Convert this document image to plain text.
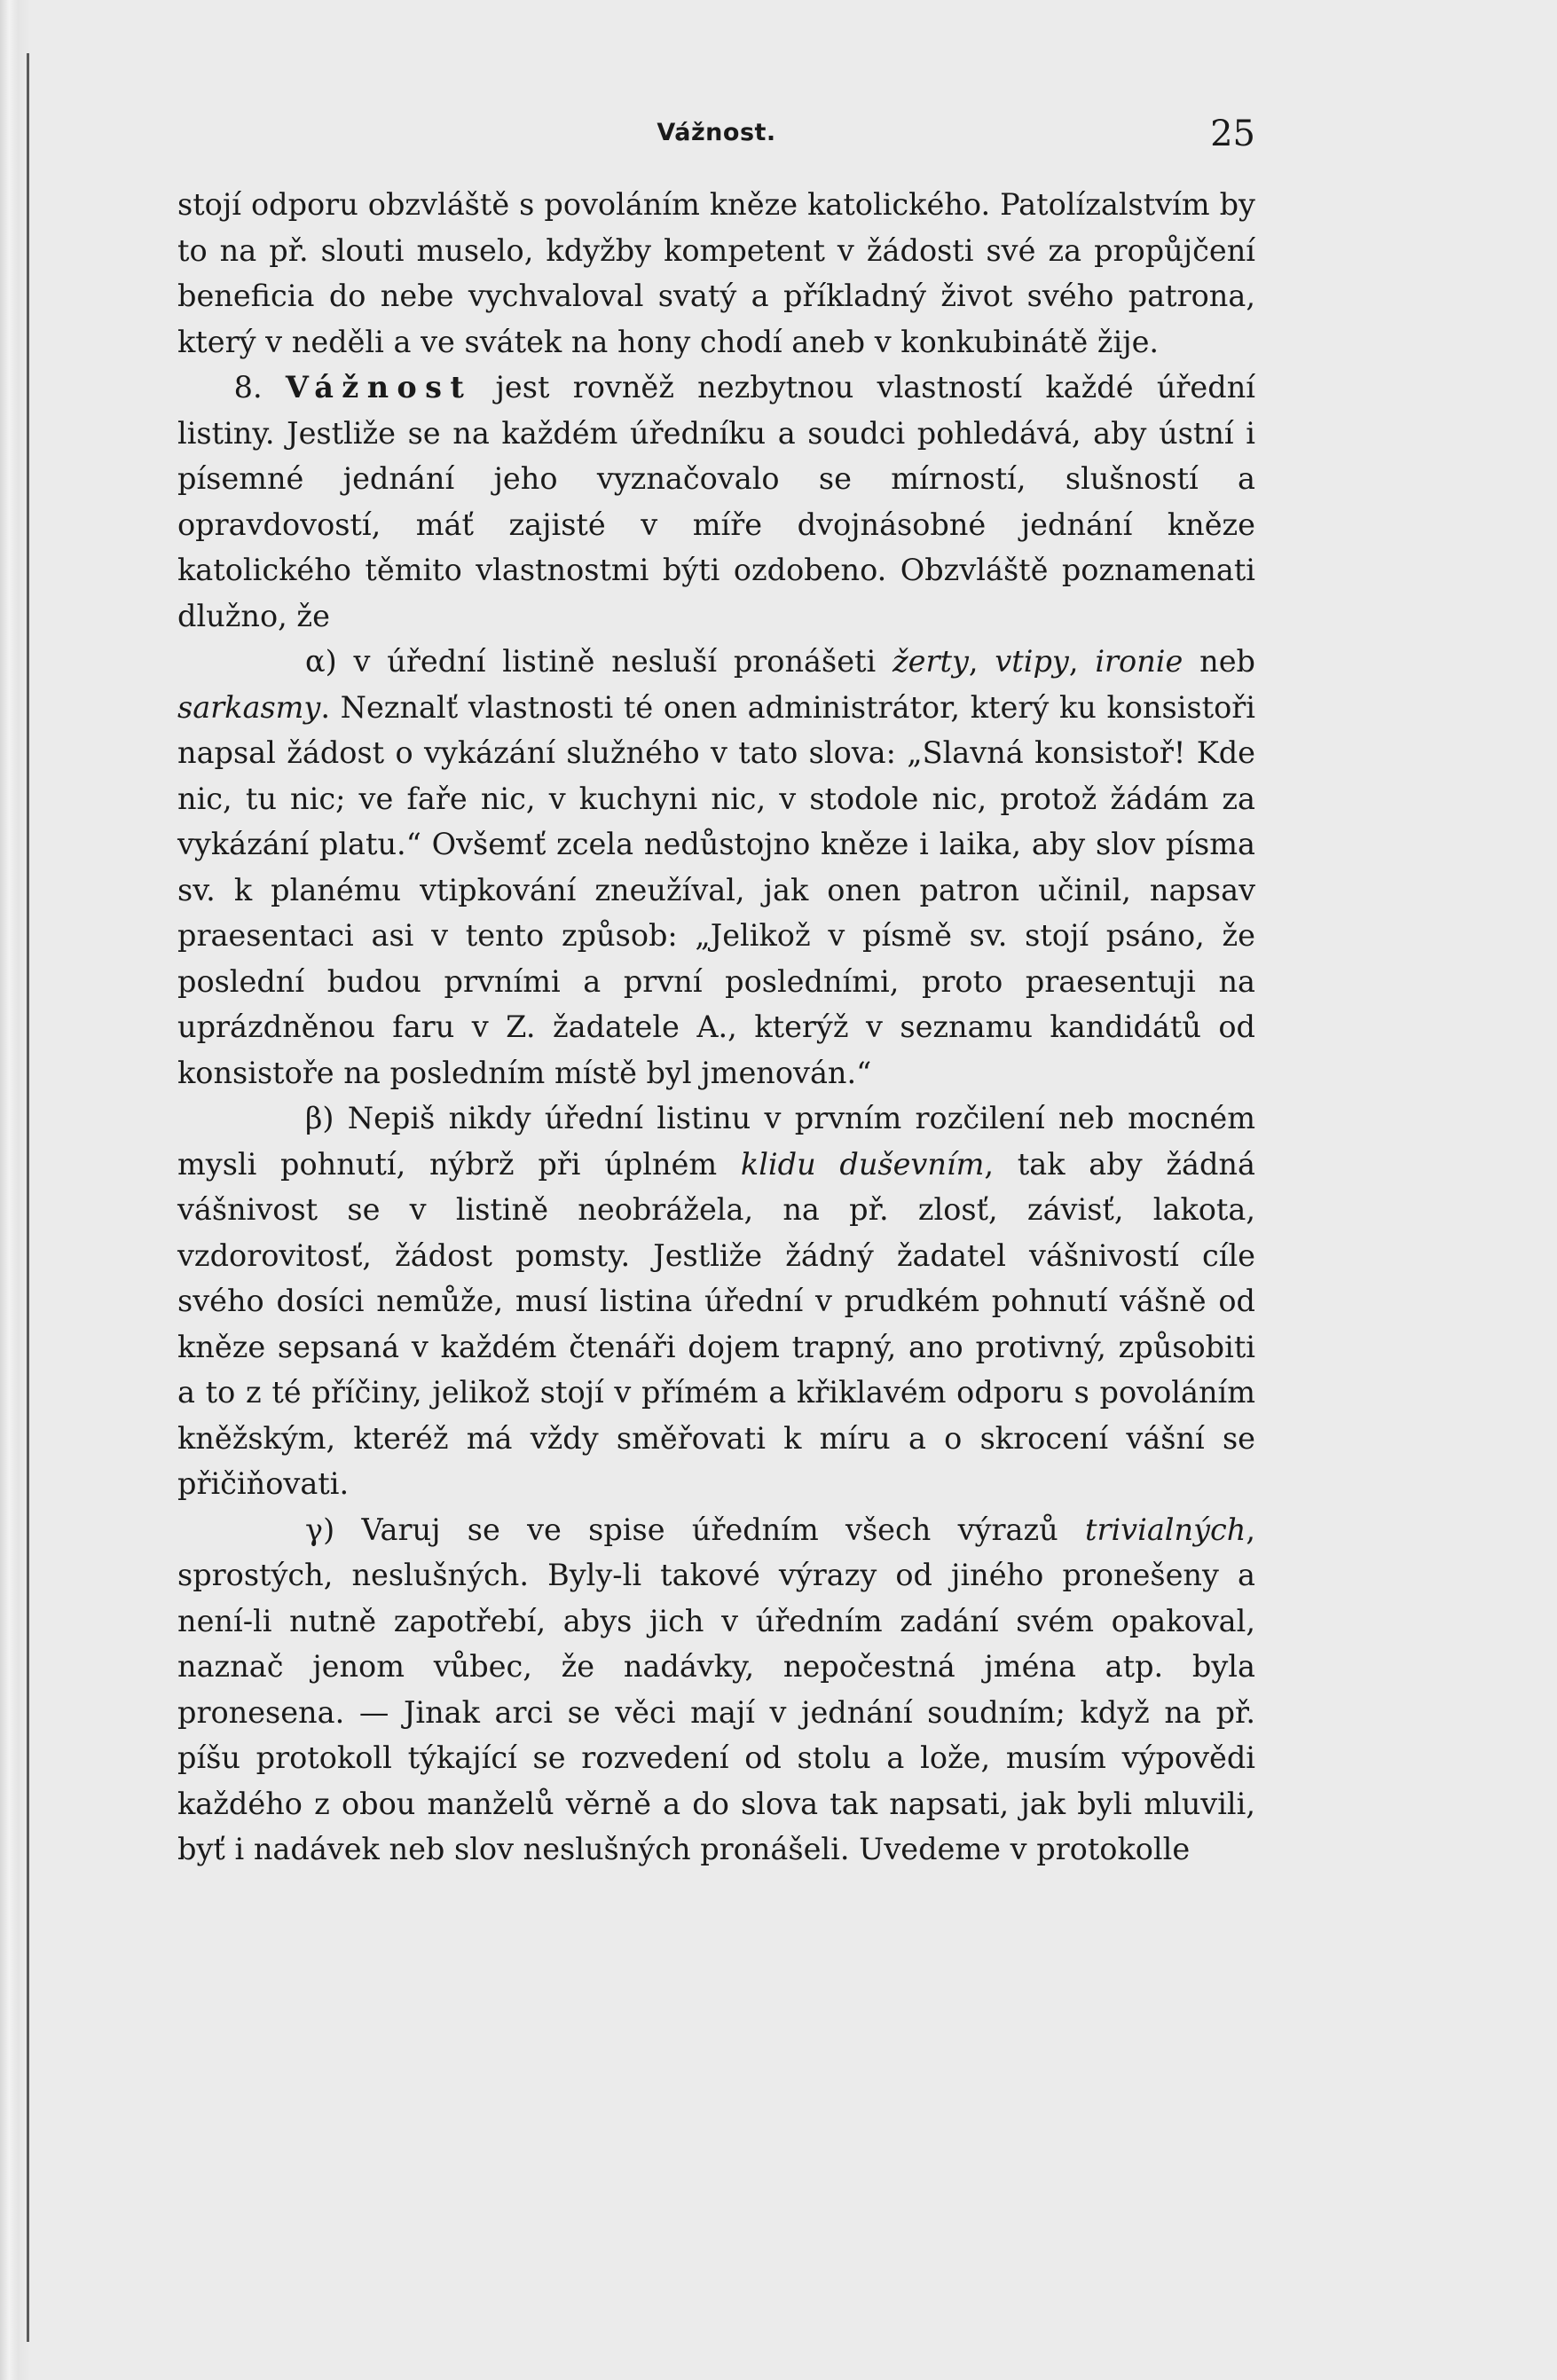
Vážnost.	25

stojí odporu obzvláště s povoláním kněze katolického. Patolízalstvím by to na př. slouti muselo, kdyžby kompetent v žádosti své za propůjčení beneficia do nebe vychvaloval svatý a příkladný život svého patrona, který v neděli a ve svátek na hony chodí aneb v konkubinátě žije.

8. Vážnost jest rovněž nezbytnou vlastností každé úřední listiny. Jestliže se na každém úředníku a soudci pohledává, aby ústní i písemné jednání jeho vyznačovalo se mírností, slušností a opravdovostí, máť zajisté v míře dvojnásobné jednání kněze katolického těmito vlastnostmi býti ozdobeno. Obzvláště poznamenati dlužno, že

α) v úřední listině nesluší pronášeti žerty, vtipy, ironie neb sarkasmy. Neznalť vlastnosti té onen administrátor, který ku konsistoři napsal žádost o vykázání služného v tato slova: „Slavná konsistoř! Kde nic, tu nic; ve faře nic, v kuchyni nic, v stodole nic, protož žádám za vykázání platu.“ Ovšemť zcela nedůstojno kněze i laika, aby slov písma sv. k planému vtipkování zneužíval, jak onen patron učinil, napsav praesentaci asi v tento způsob: „Jelikož v písmě sv. stojí psáno, že poslední budou prvními a první posledními, proto praesentuji na uprázdněnou faru v Z. žadatele A., kterýž v seznamu kandidátů od konsistoře na posledním místě byl jmenován.“

β) Nepiš nikdy úřední listinu v prvním rozčilení neb mocném mysli pohnutí, nýbrž při úplném klidu duševním, tak aby žádná vášnivost se v listině neobrážela, na př. zlosť, závisť, lakota, vzdorovitosť, žádost pomsty. Jestliže žádný žadatel vášnivostí cíle svého dosíci nemůže, musí listina úřední v prudkém pohnutí vášně od kněze sepsaná v každém čtenáři dojem trapný, ano protivný, způsobiti a to z té příčiny, jelikož stojí v přímém a křiklavém odporu s povoláním kněžským, kteréž má vždy směřovati k míru a o skrocení vášní se přičiňovati.

γ) Varuj se ve spise úředním všech výrazů trivialných, sprostých, neslušných. Byly-li takové výrazy od jiného pronešeny a není-li nutně zapotřebí, abys jich v úředním zadání svém opakoval, naznač jenom vůbec, že nadávky, nepočestná jména atp. byla pronesena. — Jinak arci se věci mají v jednání soudním; když na př. píšu protokoll týkající se rozvedení od stolu a lože, musím výpovědi každého z obou manželů věrně a do slova tak napsati, jak byli mluvili, byť i nadávek neb slov neslušných pronášeli. Uvedeme v protokolle
